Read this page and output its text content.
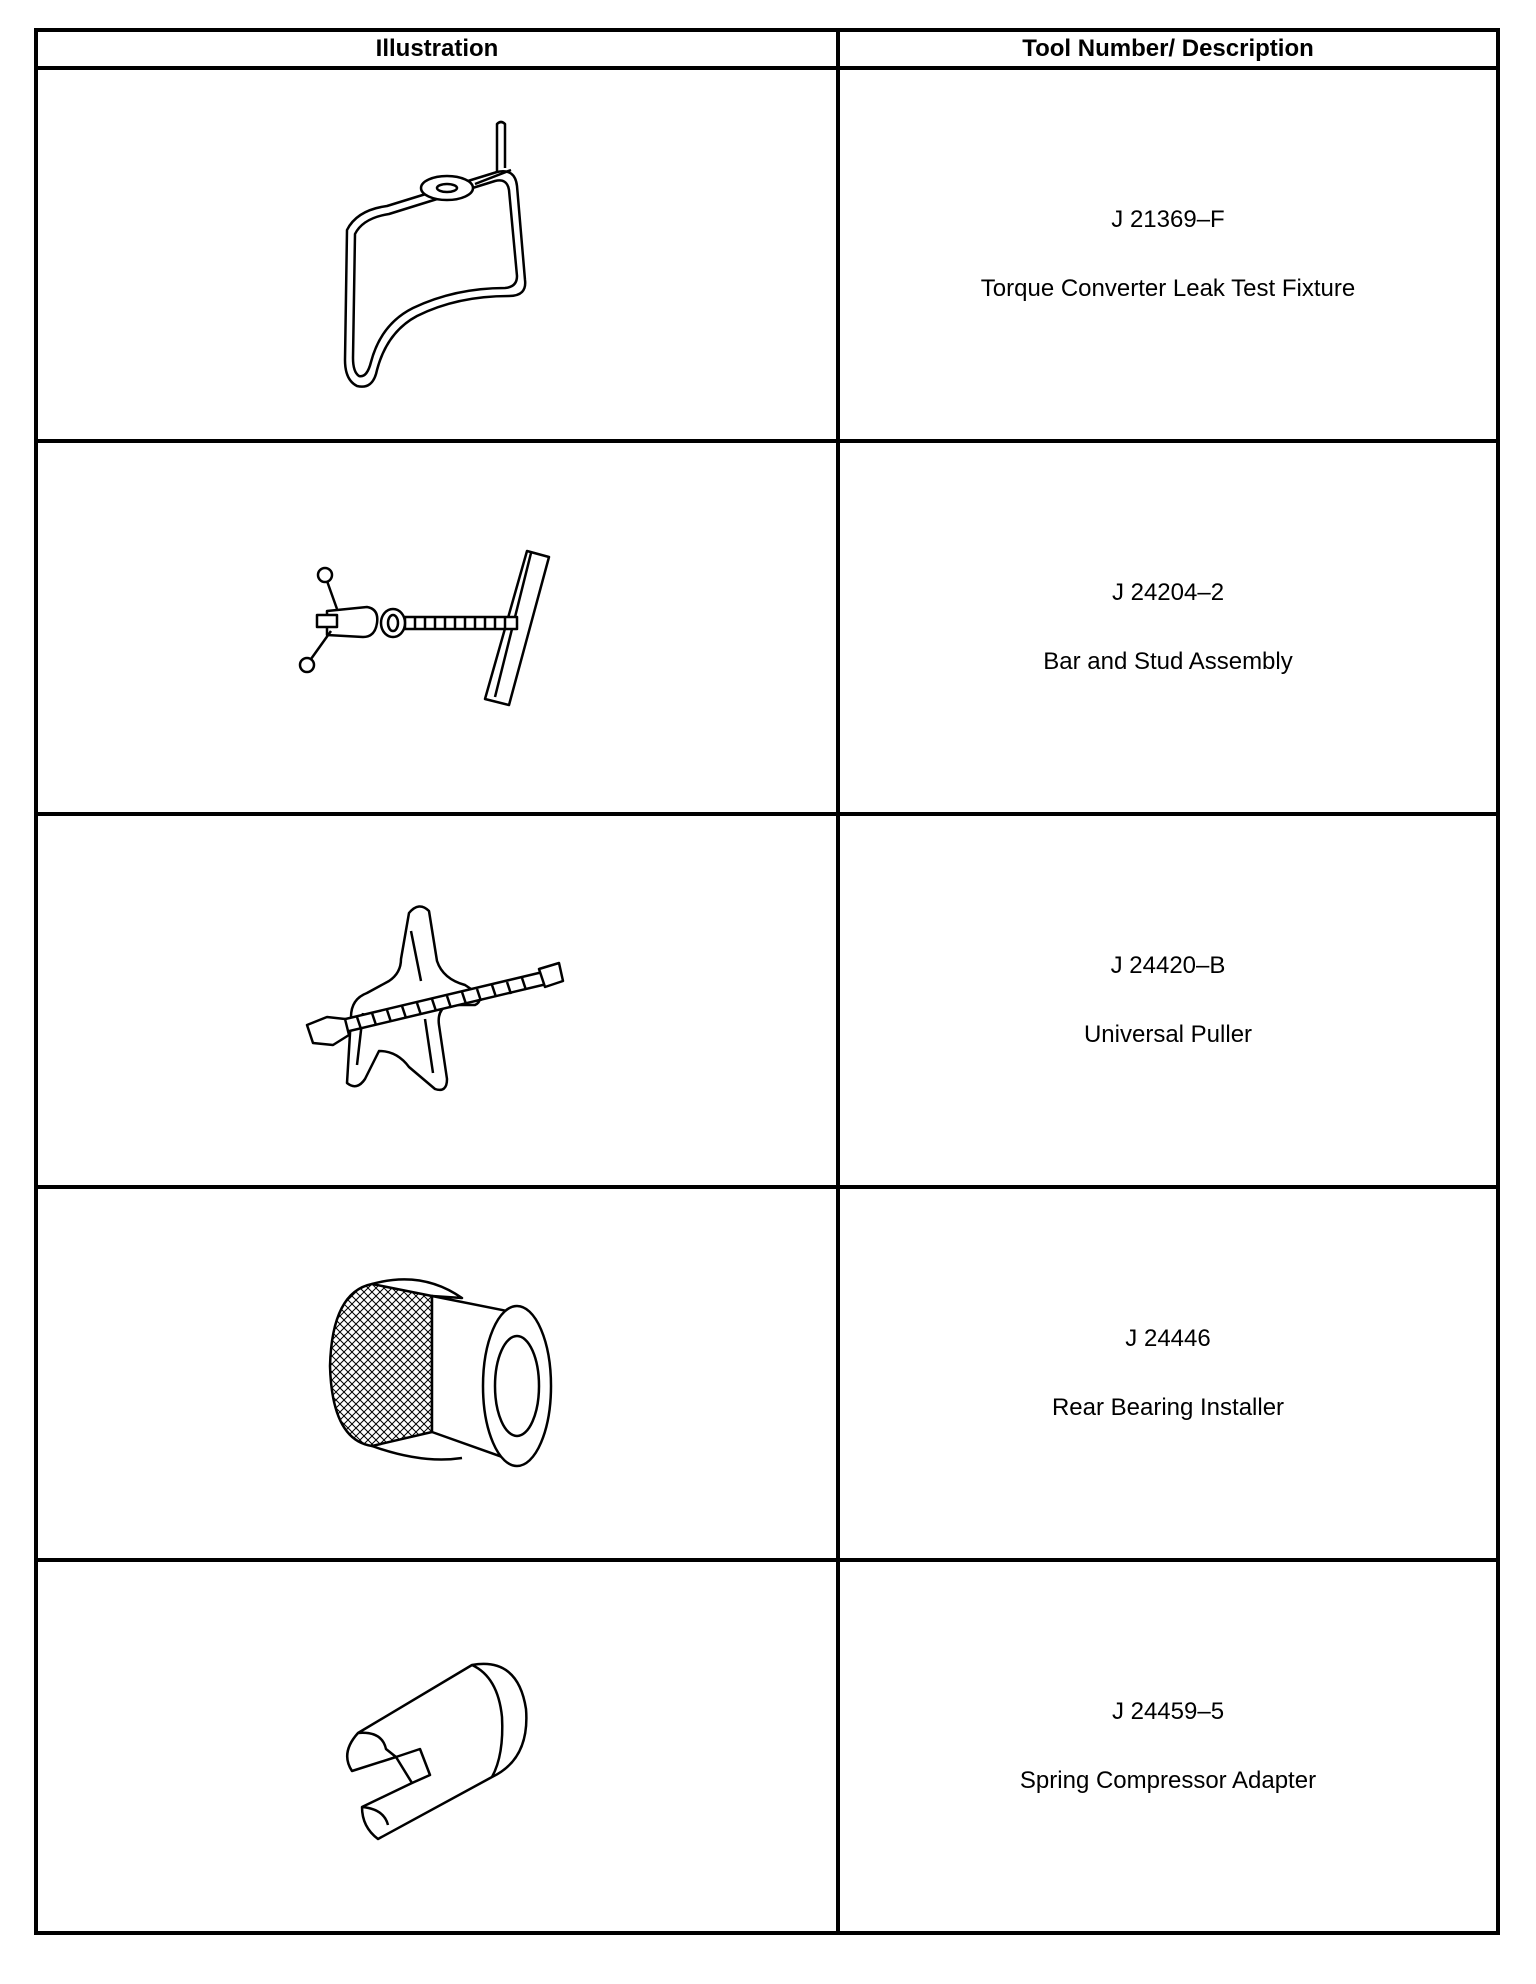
Illustration	Tool Number/ Description

J 21369–F
Torque Converter Leak Test Fixture

J 24204–2
Bar and Stud Assembly

J 24420–B
Universal Puller

J 24446
Rear Bearing Installer

J 24459–5
Spring Compressor Adapter
